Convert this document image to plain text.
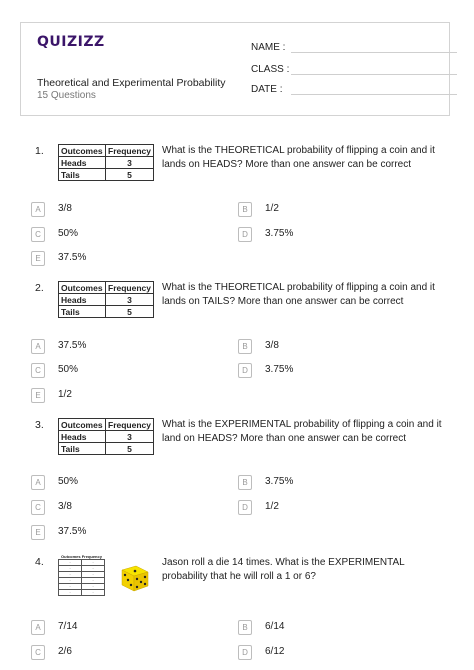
QUIZIZZ
Theoretical and Experimental Probability
15 Questions
NAME :
CLASS :
DATE :
1. Outcomes	Frequency
Heads	3
Tails	5
What is the THEORETICAL probability of flipping a coin and it lands on HEADS? More than one answer can be correct
A	3/8	B	1/2
C	50%	D	3.75%
E	37.5%
2. Outcomes	Frequency
Heads	3
Tails	5
What is the THEORETICAL probability of flipping a coin and it lands on TAILS? More than one answer can be correct
A	37.5%	B	3/8
C	50%	D	3.75%
E	1/2
3. Outcomes	Frequency
Heads	3
Tails	5
What is the EXPERIMENTAL probability of flipping a coin and it land on HEADS? More than one answer can be correct
A	50%	B	3.75%
C	3/8	D	1/2
E	37.5%
4.	Outcomes Frequency	
·	·
·	·
·	·
·	·
·	·
·	·
Jason roll a die 14 times. What is the EXPERIMENTAL probability that he will roll a 1 or 6?
A	7/14	B	6/14
C	2/6	D	6/12
